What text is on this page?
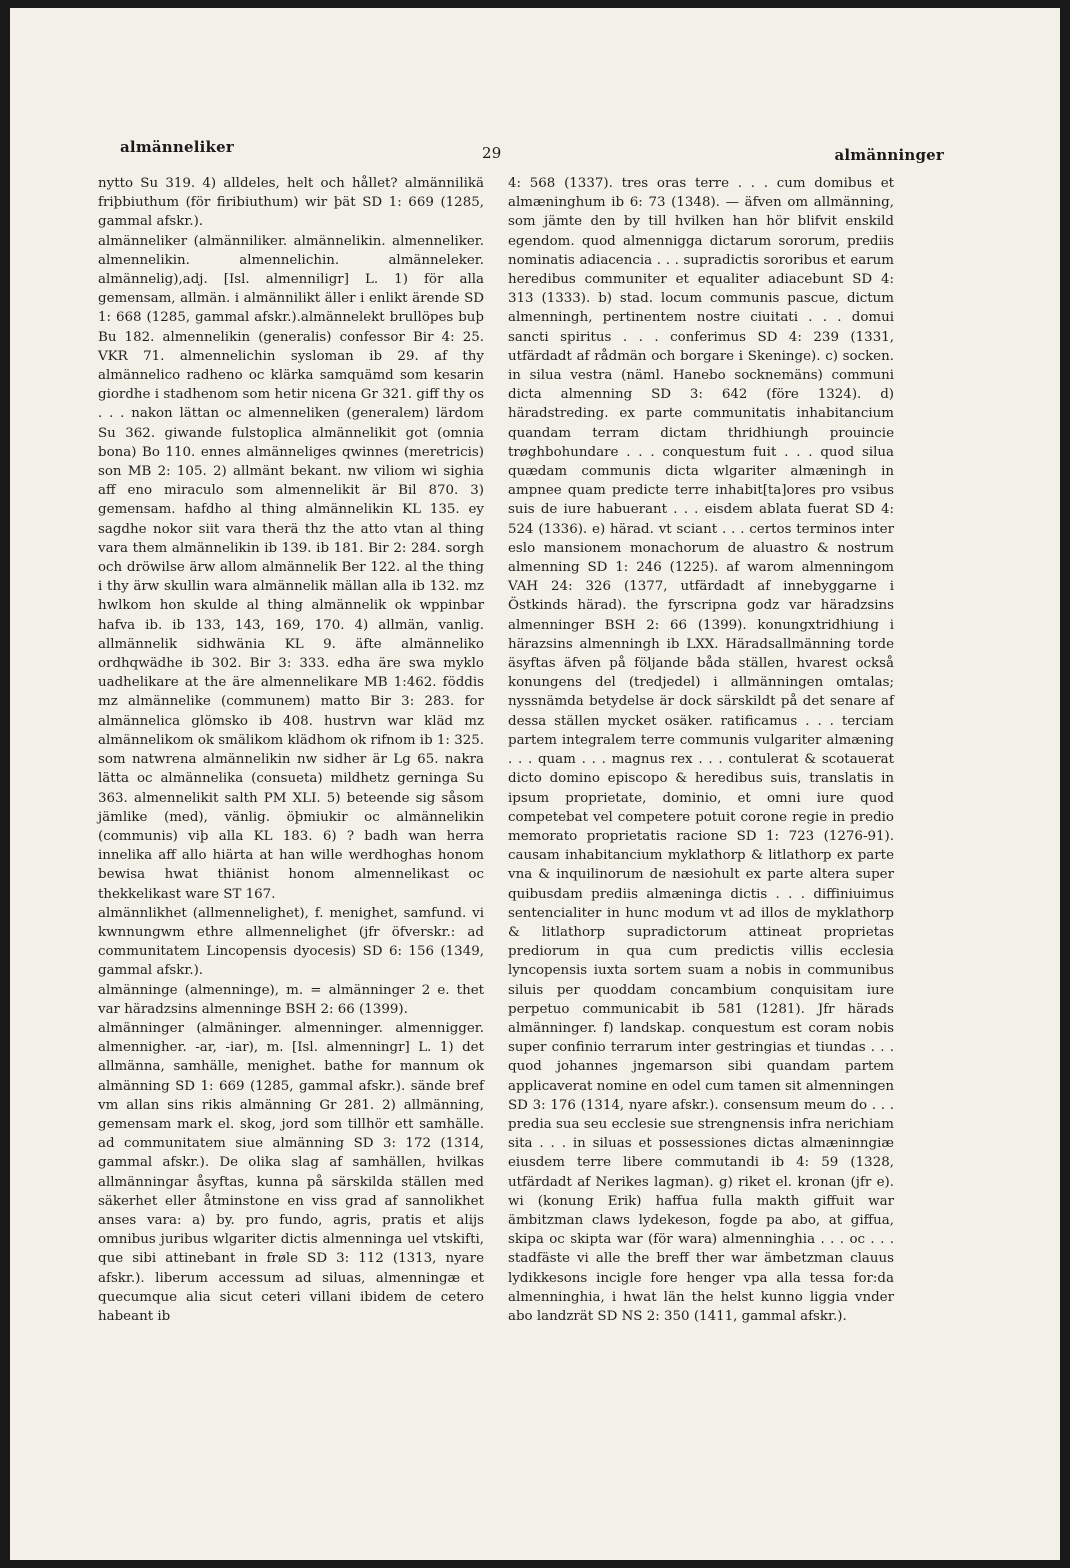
almänneliker	29	almänninger

nytto Su 319. 4) alldeles, helt och hållet? almännilikä friþbiuthum (för firibiuthum) wir þät SD 1: 669 (1285, gammal afskr.).

almänneliker (almänniliker. almännelikin. almenneliker. almennelikin. almennelichin. almänneleker. almännelig),adj. [Isl. almenniligr] L. 1) för alla gemensam, allmän. i almännilikt äller i enlikt ärende SD 1: 668 (1285, gammal afskr.).almännelekt brullöpes buþ Bu 182. almennelikin (generalis) confessor Bir 4: 25. VKR 71. almennelichin sysloman ib 29. af thy almännelico radheno oc klärka samquämd som kesarin giordhe i stadhenom som hetir nicena Gr 321. giff thy os . . . nakon lättan oc almenneliken (generalem) lärdom Su 362. giwande fulstoplica almännelikit got (omnia bona) Bo 110. ennes almänneliges qwinnes (meretricis) son MB 2: 105. 2) allmänt bekant. nw viliom wi sighia aff eno miraculo som almennelikit är Bil 870. 3) gemensam. hafdho al thing almännelikin KL 135. ey sagdhe nokor siit vara therä thz the atto vtan al thing vara them almännelikin ib 139. ib 181. Bir 2: 284. sorgh och dröwilse ärw allom almännelik Ber 122. al the thing i thy ärw skullin wara almännelik mällan alla ib 132. mz hwlkom hon skulde al thing almännelik ok wppinbar hafva ib. ib 133, 143, 169, 170. 4) allmän, vanlig. allmännelik sidhwänia KL 9. äfte almänneliko ordhqwädhe ib 302. Bir 3: 333. edha äre swa myklo uadhelikare at the äre almennelikare MB 1:462. föddis mz almännelike (communem) matto Bir 3: 283. for almännelica glömsko ib 408. hustrvn war kläd mz almännelikom ok smälikom klädhom ok rifnom ib 1: 325. som natwrena almännelikin nw sidher är Lg 65. nakra lätta oc almännelika (consueta) mildhetz gerninga Su 363. almennelikit salth PM XLI. 5) beteende sig såsom jämlike (med), vänlig. öþmiukir oc almännelikin (communis) viþ alla KL 183. 6) ? badh wan herra innelika aff allo hiärta at han wille werdhoghas honom bewisa hwat thiänist honom almennelikast oc thekkelikast ware ST 167.

almännlikhet (allmennelighet), f. menighet, samfund. vi kwnnungwm ethre allmennelighet (jfr öfverskr.: ad communitatem Lincopensis dyocesis) SD 6: 156 (1349, gammal afskr.).

almänninge (almenninge), m. = almänninger 2 e. thet var häradzsins almenninge BSH 2: 66 (1399).

almänninger (almäninger. almenninger. almennigger. almennigher. -ar, -iar), m. [Isl. almenningr] L. 1) det allmänna, samhälle, menighet. bathe for mannum ok almänning SD 1: 669 (1285, gammal afskr.). sände bref vm allan sins rikis almänning Gr 281. 2) allmänning, gemensam mark el. skog, jord som tillhör ett samhälle. ad communitatem siue almänning SD 3: 172 (1314, gammal afskr.). De olika slag af samhällen, hvilkas allmänningar åsyftas, kunna på särskilda ställen med säkerhet eller åtminstone en viss grad af sannolikhet anses vara: a) by. pro fundo, agris, pratis et alijs omnibus juribus wlgariter dictis almenninga uel vtskifti, que sibi attinebant in frøle SD 3: 112 (1313, nyare afskr.). liberum accessum ad siluas, almenningæ et quecumque alia sicut ceteri villani ibidem de cetero habeant ib

4: 568 (1337). tres oras terre . . . cum domibus et almæninghum ib 6: 73 (1348). — äfven om allmänning, som jämte den by till hvilken han hör blifvit enskild egendom. quod almennigga dictarum sororum, prediis nominatis adiacencia . . . supradictis sororibus et earum heredibus communiter et equaliter adiacebunt SD 4: 313 (1333). b) stad. locum communis pascue, dictum almenningh, pertinentem nostre ciuitati . . . domui sancti spiritus . . . conferimus SD 4: 239 (1331, utfärdadt af rådmän och borgare i Skeninge). c) socken. in silua vestra (näml. Hanebo socknemäns) communi dicta almenning SD 3: 642 (före 1324). d) häradstreding. ex parte communitatis inhabitancium quandam terram dictam thridhiungh prouincie trøghbohundare . . . conquestum fuit . . . quod silua quædam communis dicta wlgariter almæningh in ampnee quam predicte terre inhabit[ta]ores pro vsibus suis de iure habuerant . . . eisdem ablata fuerat SD 4: 524 (1336). e) härad. vt sciant . . . certos terminos inter eslo mansionem monachorum de aluastro & nostrum almenning SD 1: 246 (1225). af warom almenningom VAH 24: 326 (1377, utfärdadt af innebyggarne i Östkinds härad). the fyrscripna godz var häradzsins almenninger BSH 2: 66 (1399). konungxtridhiung i härazsins almenningh ib LXX. Häradsallmänning torde äsyftas äfven på följande båda ställen, hvarest också konungens del (tredjedel) i allmänningen omtalas; nyssnämda betydelse är dock särskildt på det senare af dessa ställen mycket osäker. ratificamus . . . terciam partem integralem terre communis vulgariter almæning . . . quam . . . magnus rex . . . contulerat & scotauerat dicto domino episcopo & heredibus suis, translatis in ipsum proprietate, dominio, et omni iure quod competebat vel competere potuit corone regie in predio memorato proprietatis racione SD 1: 723 (1276-91). causam inhabitancium myklathorp & litlathorp ex parte vna & inquilinorum de næsiohult ex parte altera super quibusdam prediis almæninga dictis . . . diffiniuimus sentencialiter in hunc modum vt ad illos de myklathorp & litlathorp supradictorum attineat proprietas prediorum in qua cum predictis villis ecclesia lyncopensis iuxta sortem suam a nobis in communibus siluis per quoddam concambium conquisitam iure perpetuo communicabit ib 581 (1281). Jfr härads almänninger. f) landskap. conquestum est coram nobis super confinio terrarum inter gestringias et tiundas . . . quod johannes jngemarson sibi quandam partem applicaverat nomine en odel cum tamen sit almenningen SD 3: 176 (1314, nyare afskr.). consensum meum do . . . predia sua seu ecclesie sue strengnensis infra nerichiam sita . . . in siluas et possessiones dictas almæninngiæ eiusdem terre libere commutandi ib 4: 59 (1328, utfärdadt af Nerikes lagman). g) riket el. kronan (jfr e). wi (konung Erik) haffua fulla makth giffuit war ämbitzman claws lydekeson, fogde pa abo, at giffua, skipa oc skipta war (för wara) almenninghia . . . oc . . . stadfäste vi alle the breff ther war ämbetzman clauus lydikkesons incigle fore henger vpa alla tessa for:da almenninghia, i hwat län the helst kunno liggia vnder abo landzrät SD NS 2: 350 (1411, gammal afskr.).
